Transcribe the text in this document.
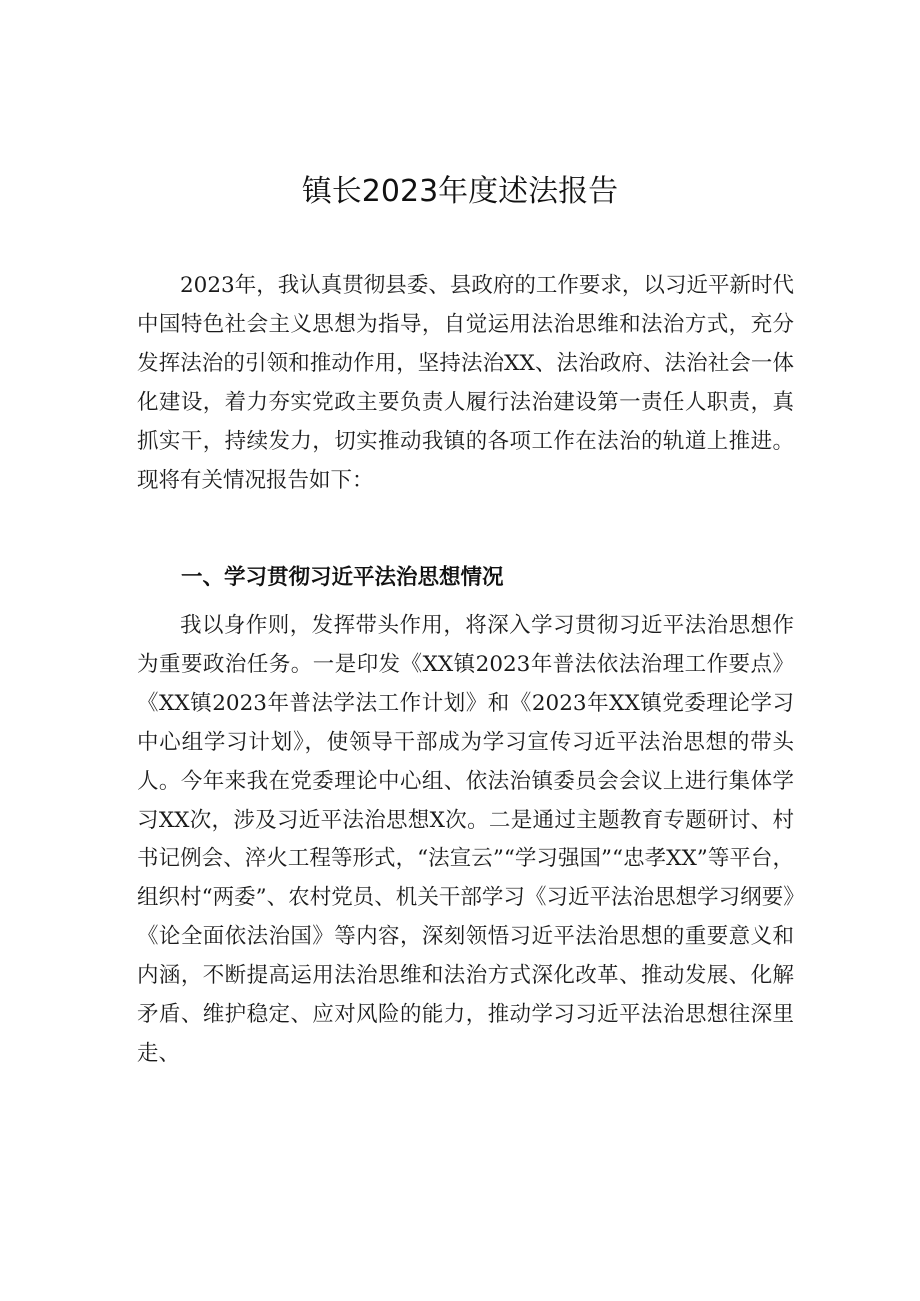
镇长2023年度述法报告

2023年，我认真贯彻县委、县政府的工作要求，以习近平新时代中国特色社会主义思想为指导，自觉运用法治思维和法治方式，充分发挥法治的引领和推动作用，坚持法治XX、法治政府、法治社会一体化建设，着力夯实党政主要负责人履行法治建设第一责任人职责，真抓实干，持续发力，切实推动我镇的各项工作在法治的轨道上推进。现将有关情况报告如下：

一、学习贯彻习近平法治思想情况

我以身作则，发挥带头作用，将深入学习贯彻习近平法治思想作为重要政治任务。一是印发《XX镇2023年普法依法治理工作要点》《XX镇2023年普法学法工作计划》和《2023年XX镇党委理论学习中心组学习计划》，使领导干部成为学习宣传习近平法治思想的带头人。今年来我在党委理论中心组、依法治镇委员会会议上进行集体学习XX次，涉及习近平法治思想X次。二是通过主题教育专题研讨、村书记例会、淬火工程等形式，“法宣云”“学习强国”“忠孝XX”等平台，组织村“两委”、农村党员、机关干部学习《习近平法治思想学习纲要》《论全面依法治国》等内容，深刻领悟习近平法治思想的重要意义和内涵，不断提高运用法治思维和法治方式深化改革、推动发展、化解矛盾、维护稳定、应对风险的能力，推动学习习近平法治思想往深里走、
